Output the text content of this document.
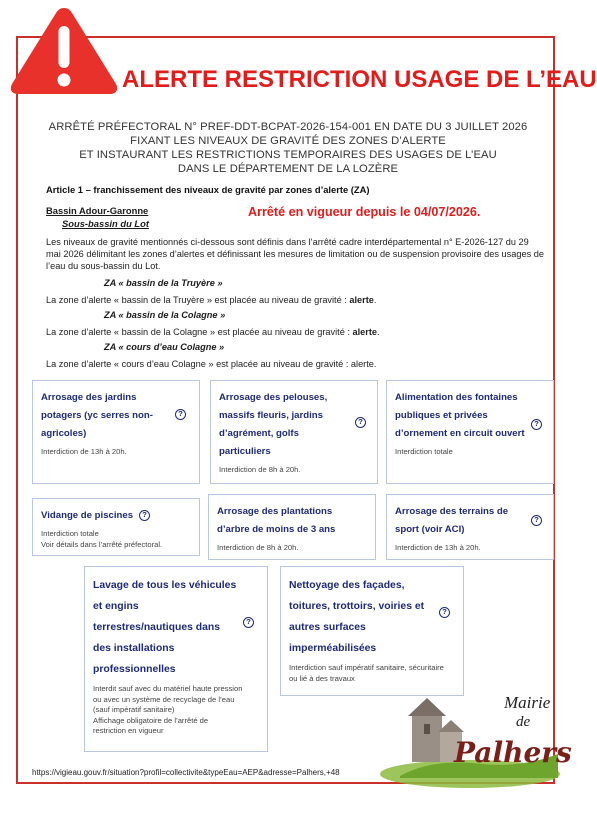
ALERTE RESTRICTION USAGE DE L’EAU
ARRÊTÉ PRÉFECTORAL N° PREF-DDT-BCPAT-2026-154-001 EN DATE DU 3 JUILLET 2026
FIXANT LES NIVEAUX DE GRAVITÉ DES ZONES D’ALERTE
ET INSTAURANT LES RESTRICTIONS TEMPORAIRES DES USAGES DE L’EAU
DANS LE DÉPARTEMENT DE LA LOZÈRE
Article 1 – franchissement des niveaux de gravité par zones d’alerte (ZA)
Bassin Adour-Garonne
Sous-bassin du Lot
Arrêté en vigueur depuis le 04/07/2026.
Les niveaux de gravité mentionnés ci-dessous sont définis dans l’arrêté cadre interdépartemental n° E-2026-127 du 29 mai 2026 délimitant les zones d’alertes et définissant les mesures de limitation ou de suspension provisoire des usages de l’eau du sous-bassin du Lot.
ZA « bassin de la Truyère »
La zone d’alerte « bassin de la Truyère » est placée au niveau de gravité : alerte.
ZA « bassin de la Colagne »
La zone d’alerte « bassin de la Colagne » est placée au niveau de gravité : alerte.
ZA « cours d’eau Colagne »
La zone d’alerte « cours d’eau Colagne » est placée au niveau de gravité : alerte.
Arrosage des jardins potagers (yc serres non-agricoles)
Interdiction de 13h à 20h.
?
Arrosage des pelouses, massifs fleuris, jardins d’agrément, golfs particuliers
Interdiction de 8h à 20h.
?
Alimentation des fontaines publiques et privées d’ornement en circuit ouvert
Interdiction totale
?
Vidange de piscines
Interdiction totale
Voir détails dans l’arrêté préfectoral.
?	Arrosage des plantations d’arbre de moins de 3 ans
Interdiction de 8h à 20h.
Arrosage des terrains de sport (voir ACI)
Interdiction de 13h à 20h.
?
Lavage de tous les véhicules et engins terrestres/nautiques dans des installations professionnelles
Interdit sauf avec du matériel haute pression ou avec un système de recyclage de l’eau (sauf impératif sanitaire)
Affichage obligatoire de l’arrêté de restriction en vigueur
?
Nettoyage des façades, toitures, trottoirs, voiries et autres surfaces imperméabilisées
Interdiction sauf impératif sanitaire, sécuritaire ou lié à des travaux
?
Mairie
de
Palhers
https://vigieau.gouv.fr/situation?profil=collectivite&typeEau=AEP&adresse=Palhers,+48
